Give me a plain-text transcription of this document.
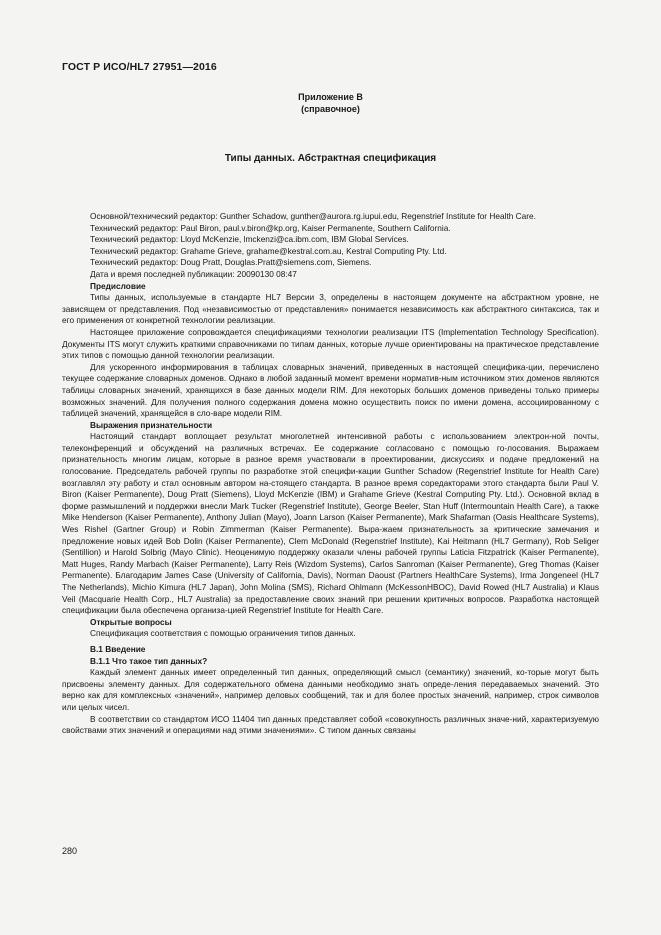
ГОСТ Р ИСО/HL7 27951—2016
Приложение В
(справочное)
Типы данных. Абстрактная спецификация

Основной/технический редактор: Gunther Schadow, gunther@aurora.rg.iupui.edu, Regenstrief Institute for Health Care.

Технический редактор: Paul Biron, paul.v.biron@kp.org, Kaiser Permanente, Southern California.

Технический редактор: Lloyd McKenzie, lmckenzi@ca.ibm.com, IBM Global Services.

Технический редактор: Grahame Grieve, grahame@kestral.com.au, Kestral Computing Pty. Ltd.

Технический редактор: Doug Pratt, Douglas.Pratt@siemens.com, Siemens.

Дата и время последней публикации: 20090130 08:47

Предисловие

Типы данных, используемые в стандарте HL7 Версии 3, определены в настоящем документе на абстрактном уровне, не зависящем от представления. Под «независимостью от представления» понимается независимость как абстрактного синтаксиса, так и его применения от конкретной технологии реализации.

Настоящее приложение сопровождается спецификациями технологии реализации ITS (Implementation Technology Specification). Документы ITS могут служить краткими справочниками по типам данных, которые лучше ориентированы на практическое представление этих типов с помощью данной технологии реализации.

Для ускоренного информирования в таблицах словарных значений, приведенных в настоящей специфика-ции, перечислено текущее содержание словарных доменов. Однако в любой заданный момент времени норматив-ным источником этих доменов являются таблицы словарных значений, хранящихся в базе данных модели RIM. Для некоторых больших доменов приведены только примеры возможных значений. Для получения полного содержания домена можно осуществить поиск по имени домена, ассоциированному с таблицей значений, хранящейся в сло-варе модели RIM.

Выражения признательности

Настоящий стандарт воплощает результат многолетней интенсивной работы с использованием электрон-ной почты, телеконференций и обсуждений на различных встречах. Ее содержание согласовано с помощью го-лосования. Выражаем признательность многим лицам, которые в разное время участвовали в проектировании, дискуссиях и подаче предложений на голосование. Председатель рабочей группы по разработке этой специфи-кации Gunther Schadow (Regenstrief Institute for Health Care) возглавлял эту работу и стал основным автором на-стоящего стандарта. В разное время соредакторами этого стандарта были Paul V. Biron (Kaiser Permanente), Doug Pratt (Siemens), Lloyd McKenzie (IBM) и Grahame Grieve (Kestral Computing Pty. Ltd.). Основной вклад в форме размышлений и поддержки внесли Mark Tucker (Regenstrief Institute), George Beeler, Stan Huff (Intermountain Health Care), а также Mike Henderson (Kaiser Permanente), Anthony Julian (Mayo), Joann Larson (Kaiser Permanente), Mark Shafarman (Oasis Healthcare Systems), Wes Rishel (Gartner Group) и Robin Zimmerman (Kaiser Permanente). Выра-жаем признательность за критические замечания и предложение новых идей Bob Dolin (Kaiser Permanente), Clem McDonald (Regenstrief Institute), Kai Heitmann (HL7 Germany), Rob Seliger (Sentillion) и Harold Solbrig (Mayo Clinic). Неоценимую поддержку оказали члены рабочей группы Laticia Fitzpatrick (Kaiser Permanente), Matt Huges, Randy Marbach (Kaiser Permanente), Larry Reis (Wizdom Systems), Carlos Sanroman (Kaiser Permanente), Greg Thomas (Kaiser Permanente). Благодарим James Case (University of California, Davis), Norman Daoust (Partners HealthCare Systems), Irma Jongeneel (HL7 The Netherlands), Michio Kimura (HL7 Japan), John Molina (SMS), Richard Ohlmann (McKessonHBOC), David Rowed (HL7 Australia) и Klaus Veil (Macquarie Health Corp., HL7 Australia) за предоставление своих знаний при решении критичных вопросов. Разработка настоящей спецификации была обеспечена организа-цией Regenstrief Institute for Health Care.

Открытые вопросы

Спецификация соответствия с помощью ограничения типов данных.

В.1 Введение
В.1.1 Что такое тип данных?

Каждый элемент данных имеет определенный тип данных, определяющий смысл (семантику) значений, ко-торые могут быть присвоены элементу данных. Для содержательного обмена данными необходимо знать опреде-ления передаваемых значений. Это верно как для комплексных «значений», например деловых сообщений, так и для более простых значений, например, строк символов или целых чисел.

В соответствии со стандартом ИСО 11404 тип данных представляет собой «совокупность различных значе-ний, характеризуемую свойствами этих значений и операциями над этими значениями». С типом данных связаны

280
